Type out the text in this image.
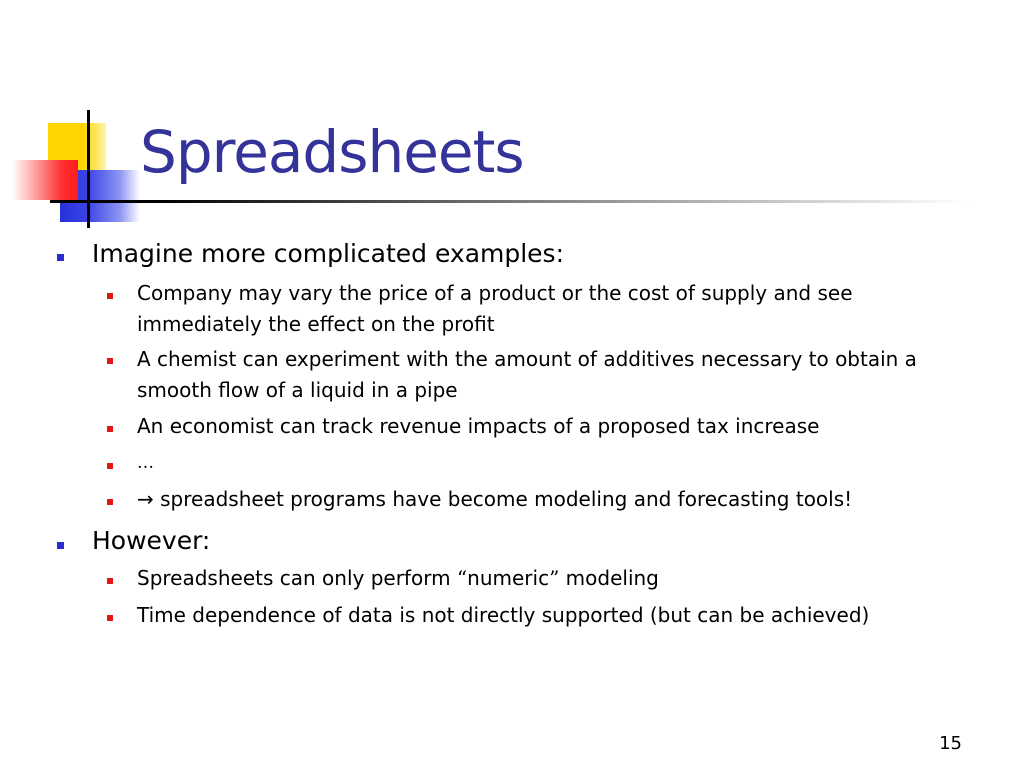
Spreadsheets
Imagine more complicated examples:
Company may vary the price of a product or the cost of supply and see immediately the effect on the profit
A chemist can experiment with the amount of additives necessary to obtain a smooth flow of a liquid in a pipe
An economist can track revenue impacts of a proposed tax increase
…
→ spreadsheet programs have become modeling and forecasting tools!
However:
Spreadsheets can only perform “numeric” modeling
Time dependence of data is not directly supported (but can be achieved)
15
